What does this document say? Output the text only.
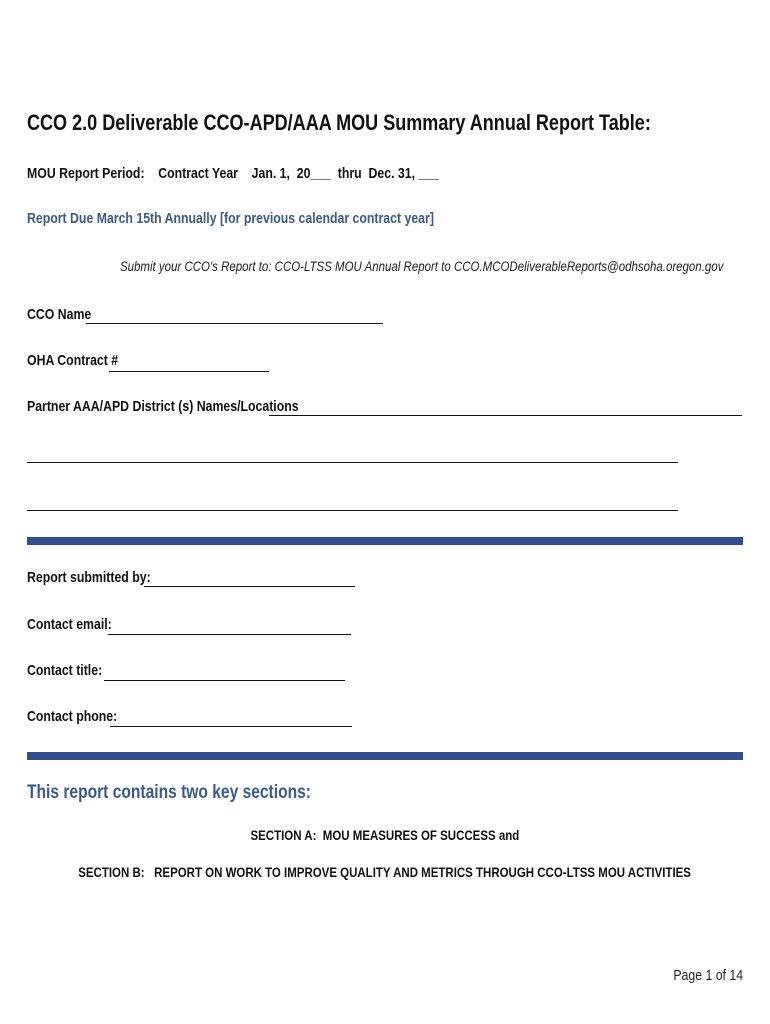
CCO 2.0 Deliverable CCO-APD/AAA MOU Summary Annual Report Table:
MOU Report Period:    Contract Year    Jan. 1,  20___  thru  Dec. 31, ___
Report Due March 15th Annually [for previous calendar contract year]
Submit your CCO's Report to: CCO-LTSS MOU Annual Report to CCO.MCODeliverableReports@odhsoha.oregon.gov
CCO Name
OHA Contract #
Partner AAA/APD District (s) Names/Locations
Report submitted by:
Contact email:
Contact title:
Contact phone:
This report contains two key sections:
SECTION A:  MOU MEASURES OF SUCCESS and
SECTION B:   REPORT ON WORK TO IMPROVE QUALITY AND METRICS THROUGH CCO-LTSS MOU ACTIVITIES
Page 1 of 14
